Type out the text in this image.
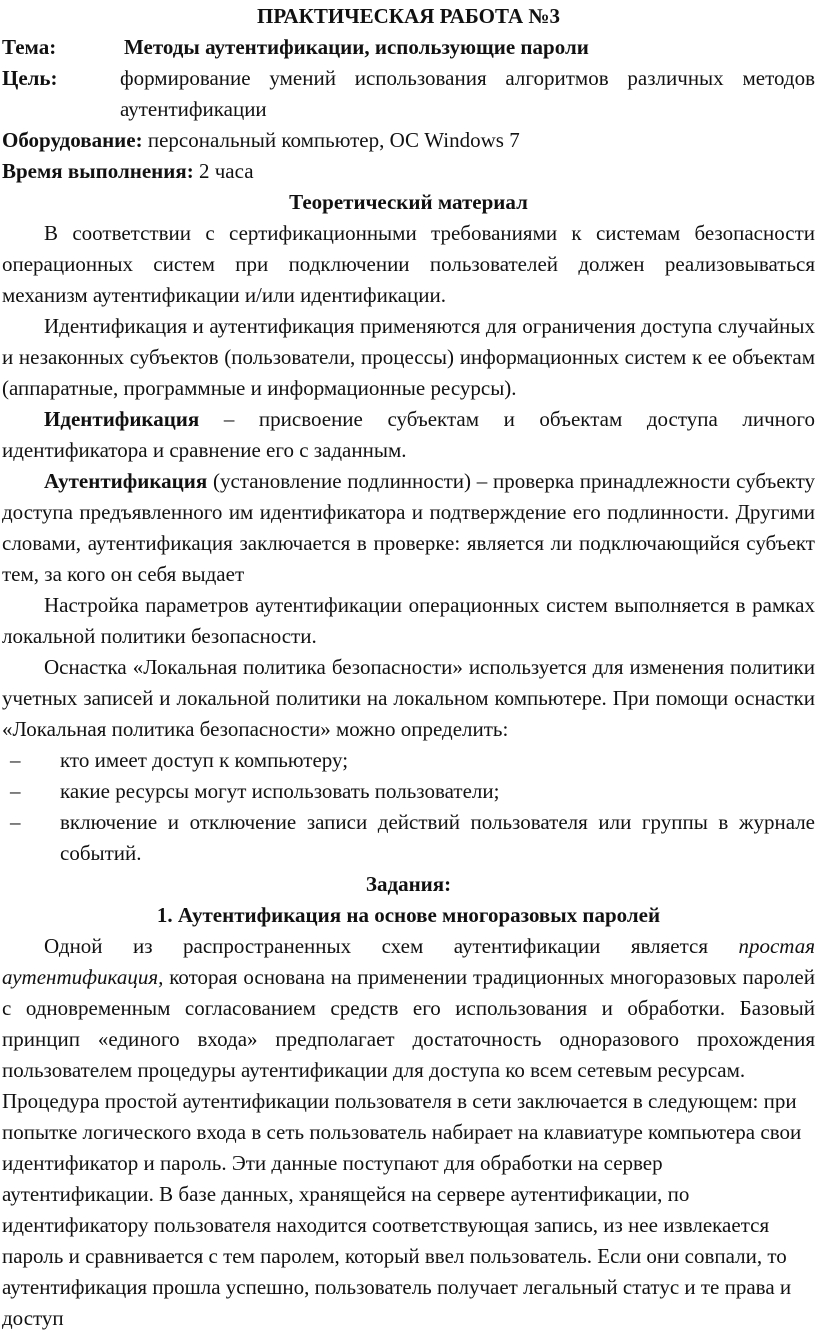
ПРАКТИЧЕСКАЯ РАБОТА №3
Тема:	Методы аутентификации, использующие пароли
Цель:	формирование умений использования алгоритмов различных методов аутентификации
Оборудование: персональный компьютер, ОС Windows 7
Время выполнения: 2 часа
Теоретический материал

В соответствии с сертификационными требованиями к системам безопасности операционных систем при подключении пользователей должен реализовываться механизм аутентификации и/или идентификации.

Идентификация и аутентификация применяются для ограничения доступа случайных и незаконных субъектов (пользователи, процессы) информационных систем к ее объектам (аппаратные, программные и информационные ресурсы).

Идентификация – присвоение субъектам и объектам доступа личного идентификатора и сравнение его с заданным.

Аутентификация (установление подлинности) – проверка принадлежности субъекту доступа предъявленного им идентификатора и подтверждение его подлинности. Другими словами, аутентификация заключается в проверке: является ли подключающийся субъект тем, за кого он себя выдает

Настройка параметров аутентификации операционных систем выполняется в рамках локальной политики безопасности.

Оснастка «Локальная политика безопасности» используется для изменения политики учетных записей и локальной политики на локальном компьютере. При помощи оснастки «Локальная политика безопасности» можно определить:

– кто имеет доступ к компьютеру;
– какие ресурсы могут использовать пользователи;
– включение и отключение записи действий пользователя или группы в журнале событий.
Задания:
1. Аутентификация на основе многоразовых паролей

Одной из распространенных схем аутентификации является простая аутентификация, которая основана на применении традиционных многоразовых паролей с одновременным согласованием средств его использования и обработки. Базовый принцип «единого входа» предполагает достаточность одноразового прохождения пользователем процедуры аутентификации для доступа ко всем сетевым ресурсам.

Процедура простой аутентификации пользователя в сети заключается в следующем: при попытке логического входа в сеть пользователь набирает на клавиатуре компьютера свои идентификатор и пароль. Эти данные поступают для обработки на сервер аутентификации. В базе данных, хранящейся на сервере аутентификации, по идентификатору пользователя находится соответствующая запись, из нее извлекается пароль и сравнивается с тем паролем, который ввел пользователь. Если они совпали, то аутентификация прошла успешно, пользователь получает легальный статус и те права и доступ
